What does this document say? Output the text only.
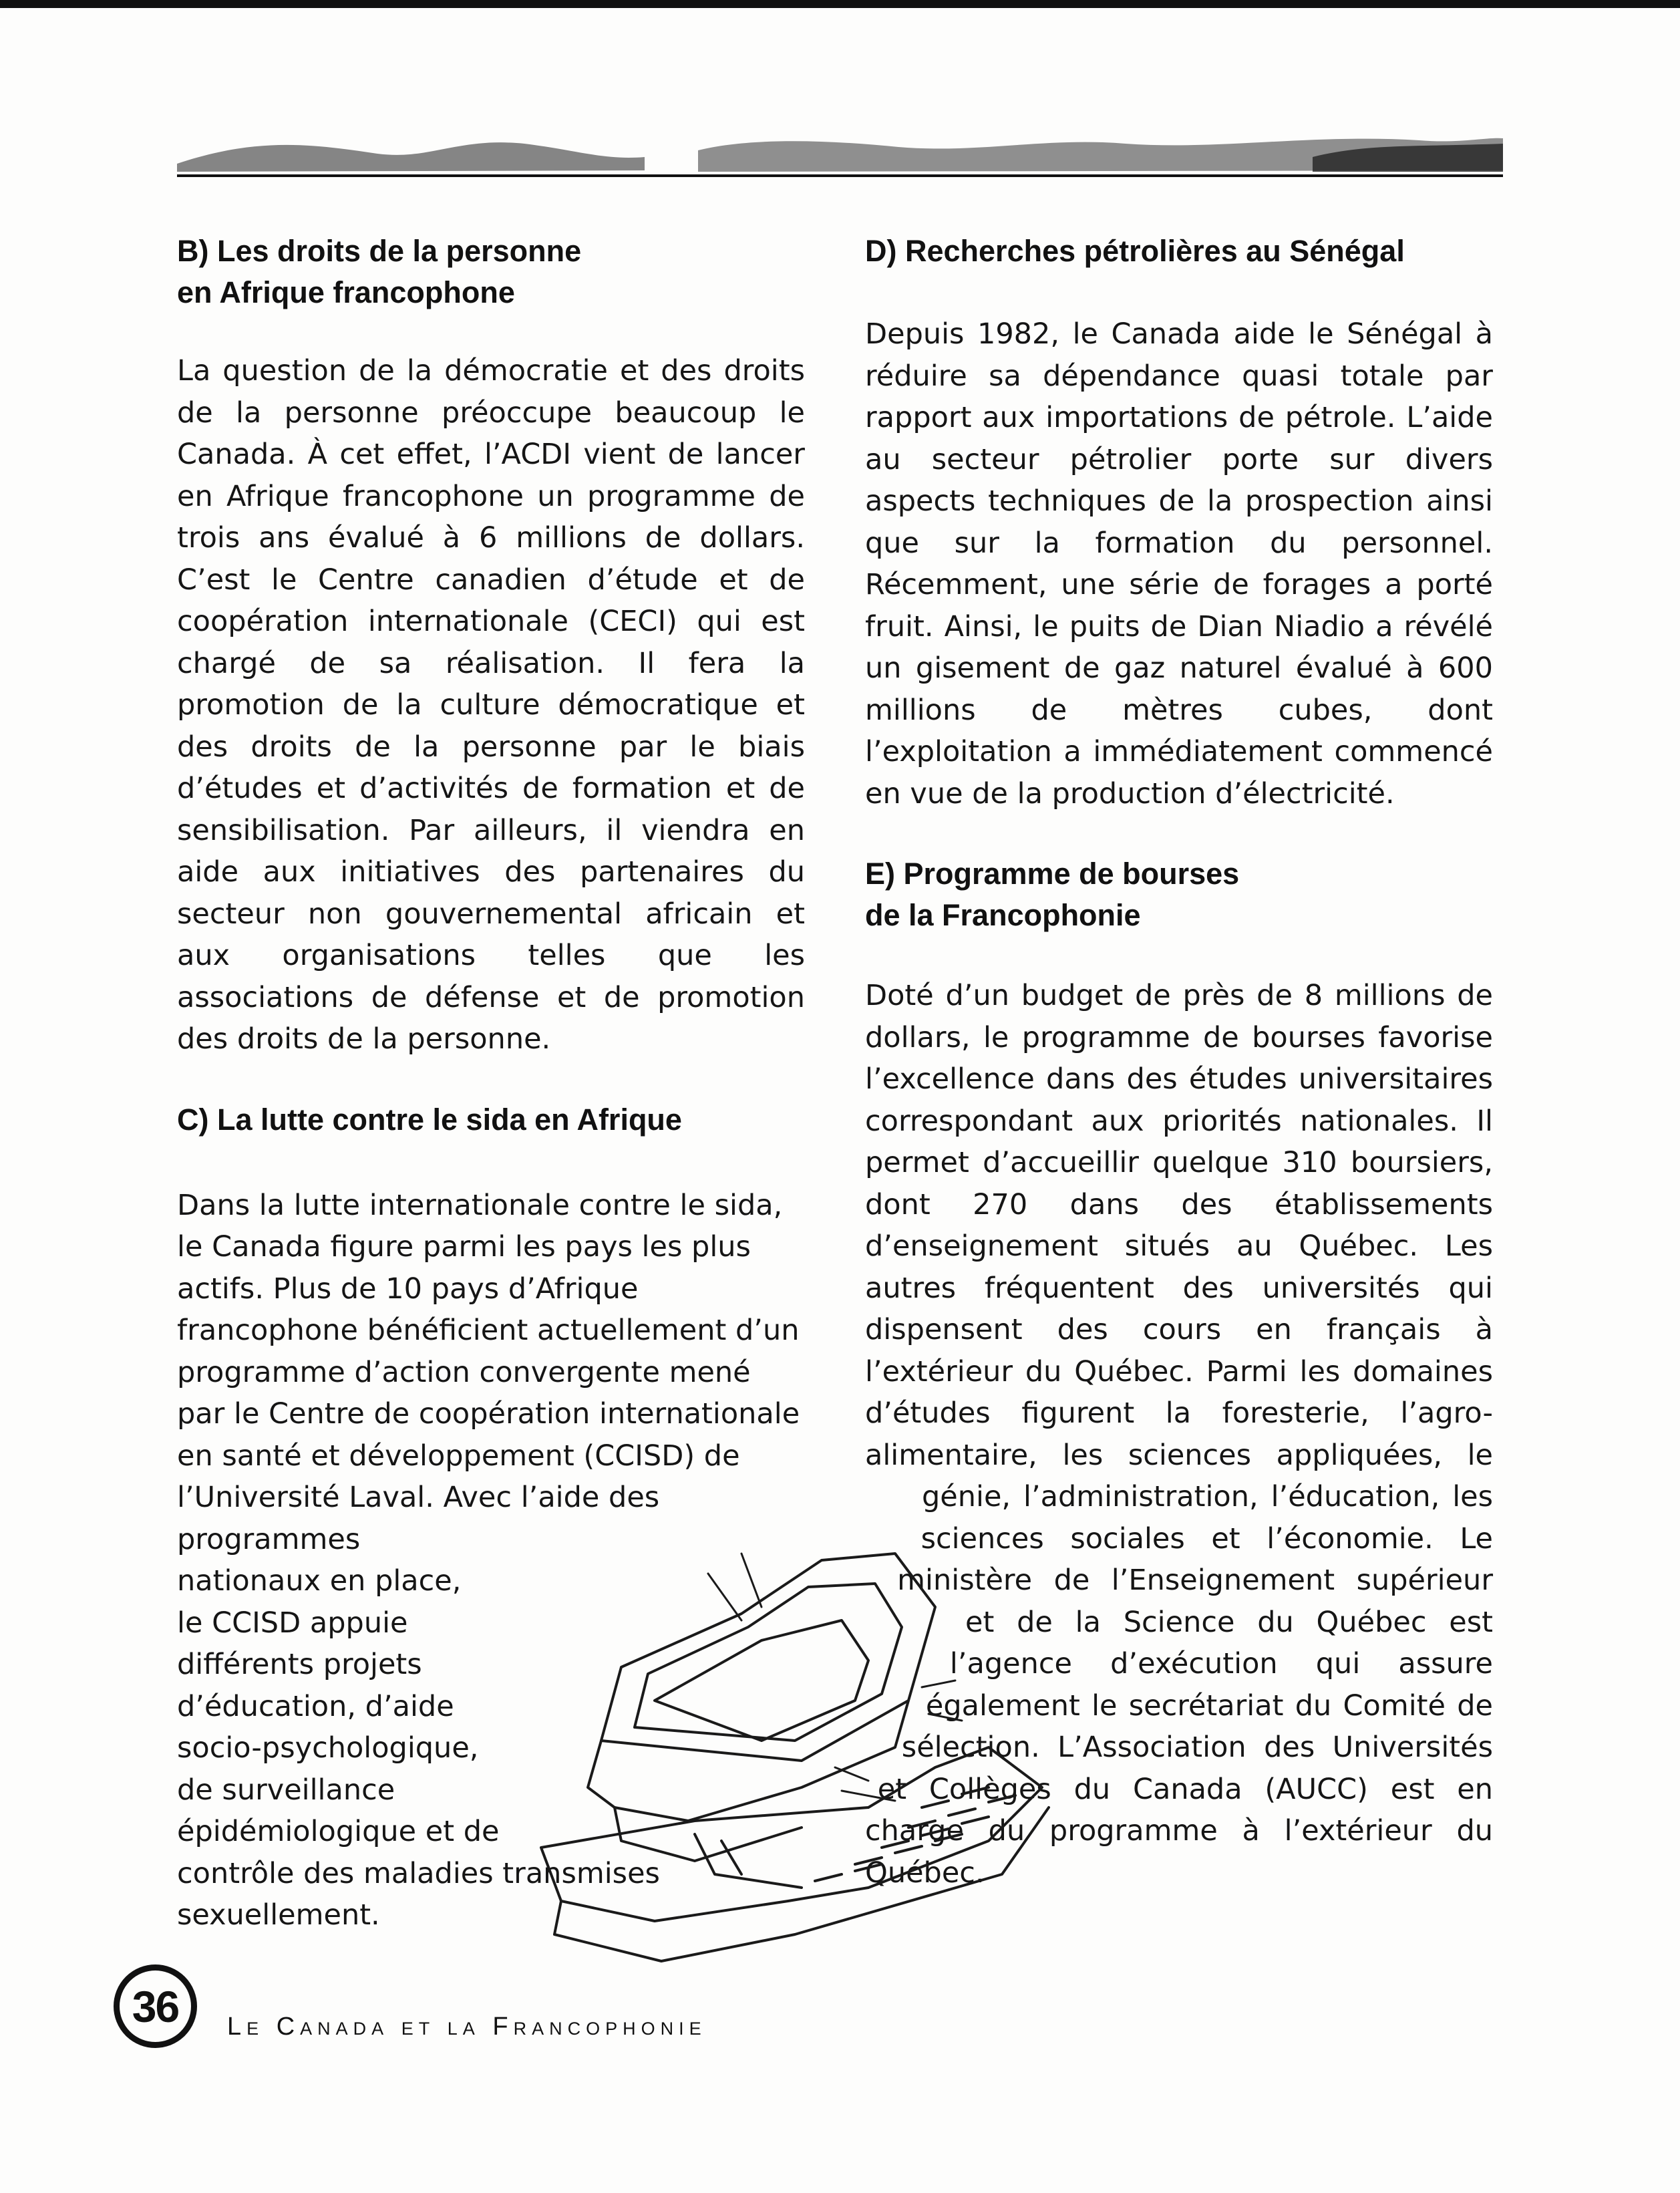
B) Les droits de la personne
en Afrique francophone

La question de la démocratie et des droits de la personne préoccupe beaucoup le Canada. À cet effet, l’ACDI vient de lancer en Afrique francophone un programme de trois ans évalué à 6 millions de dollars. C’est le Centre canadien d’étude et de coopération internationale (CECI) qui est chargé de sa réalisation. Il fera la promotion de la culture démocratique et des droits de la personne par le biais d’études et d’activités de formation et de sensibilisation. Par ailleurs, il viendra en aide aux initiatives des partenaires du secteur non gouvernemental africain et aux organisations telles que les associations de défense et de promotion des droits de la personne.

C) La lutte contre le sida en Afrique

Dans la lutte internationale contre le sida, le Canada figure parmi les pays les plus actifs. Plus de 10 pays d’Afrique francophone bénéficient actuellement d’un programme d’action convergente mené par le Centre de coopération internationale en santé et développement (CCISD) de l’Université Laval. Avec l’aide des programmes nationaux en place, le CCISD appuie différents projets d’éducation, d’aide socio-psychologique, de surveillance épidémiologique et de contrôle des maladies transmises sexuellement.

D) Recherches pétrolières au Sénégal

Depuis 1982, le Canada aide le Sénégal à réduire sa dépendance quasi totale par rapport aux importations de pétrole. L’aide au secteur pétrolier porte sur divers aspects techniques de la prospection ainsi que sur la formation du personnel. Récemment, une série de forages a porté fruit. Ainsi, le puits de Dian Niadio a révélé un gisement de gaz naturel évalué à 600 millions de mètres cubes, dont l’exploitation a immédiatement commencé en vue de la production d’électricité.

E) Programme de bourses
de la Francophonie

Doté d’un budget de près de 8 millions de dollars, le programme de bourses favorise l’excellence dans des études universitaires correspondant aux priorités nationales. Il permet d’accueillir quelque 310 boursiers, dont 270 dans des établissements d’enseignement situés au Québec. Les autres fréquentent des universités qui dispensent des cours en français à l’extérieur du Québec. Parmi les domaines d’études figurent la foresterie, l’agro-alimentaire, les sciences appliquées, le génie, l’administration, l’éducation, les sciences sociales et l’économie. Le ministère de l’Enseignement supérieur et de la Science du Québec est l’agence d’exécution qui assure également le secrétariat du Comité de sélection. L’Association des Universités et Collèges du Canada (AUCC) est en charge du programme à l’extérieur du Québec.

36	Le Canada et la Francophonie
